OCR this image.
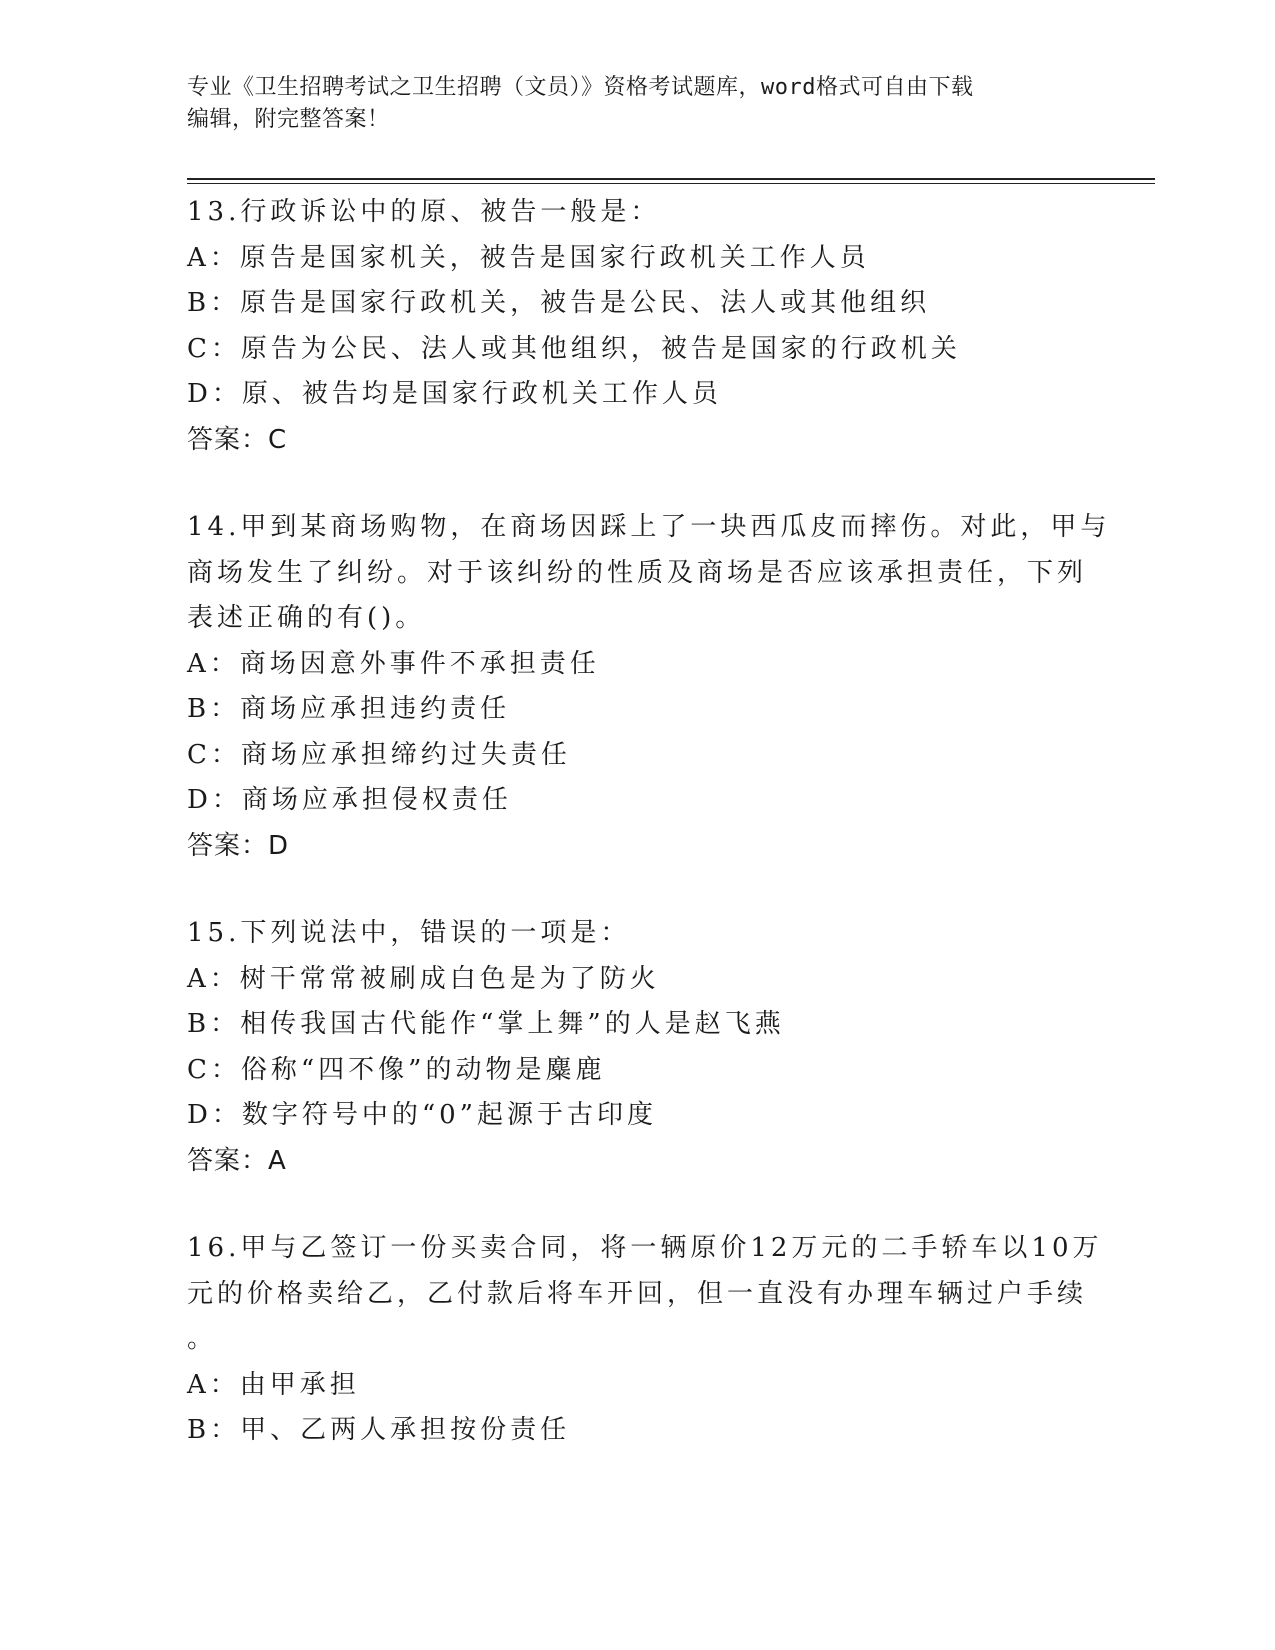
专业《卫生招聘考试之卫生招聘（文员）》资格考试题库，word格式可自由下载
编辑，附完整答案！
13.行政诉讼中的原、被告一般是：
A：原告是国家机关，被告是国家行政机关工作人员
B：原告是国家行政机关，被告是公民、法人或其他组织
C：原告为公民、法人或其他组织，被告是国家的行政机关
D：原、被告均是国家行政机关工作人员
答案：C
14.甲到某商场购物，在商场因踩上了一块西瓜皮而摔伤。对此，甲与
商场发生了纠纷。对于该纠纷的性质及商场是否应该承担责任，下列
表述正确的有()。
A：商场因意外事件不承担责任
B：商场应承担违约责任
C：商场应承担缔约过失责任
D：商场应承担侵权责任
答案：D
15.下列说法中，错误的一项是：
A：树干常常被刷成白色是为了防火
B：相传我国古代能作“掌上舞”的人是赵飞燕
C：俗称“四不像”的动物是麋鹿
D：数字符号中的“0”起源于古印度
答案：A
16.甲与乙签订一份买卖合同，将一辆原价12万元的二手轿车以10万
元的价格卖给乙，乙付款后将车开回，但一直没有办理车辆过户手续
。
A：由甲承担
B：甲、乙两人承担按份责任
